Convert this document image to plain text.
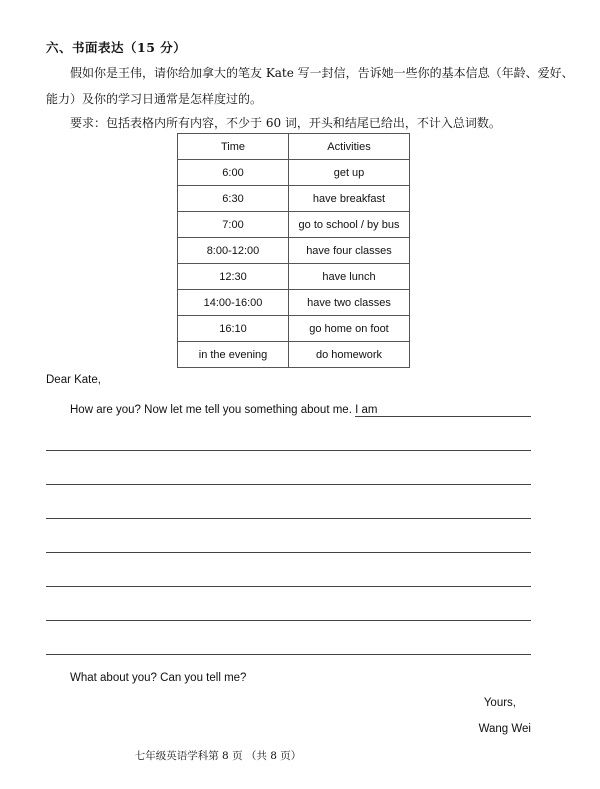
六、书面表达（15 分）
假如你是王伟，请你给加拿大的笔友 Kate 写一封信，告诉她一些你的基本信息（年龄、爱好、
能力）及你的学习日通常是怎样度过的。
要求：包括表格内所有内容，不少于 60 词，开头和结尾已给出，不计入总词数。
Time	Activities
6:00	get up
6:30	have breakfast
7:00	go to school / by bus
8:00-12:00	have four classes
12:30	have lunch
14:00-16:00	have two classes
16:10	go home on foot
in the evening	do homework
Dear Kate,
How are you? Now let me tell you something about me. I am
What about you? Can you tell me?
Yours,
Wang Wei
七年级英语学科第 8 页 （共 8 页）
